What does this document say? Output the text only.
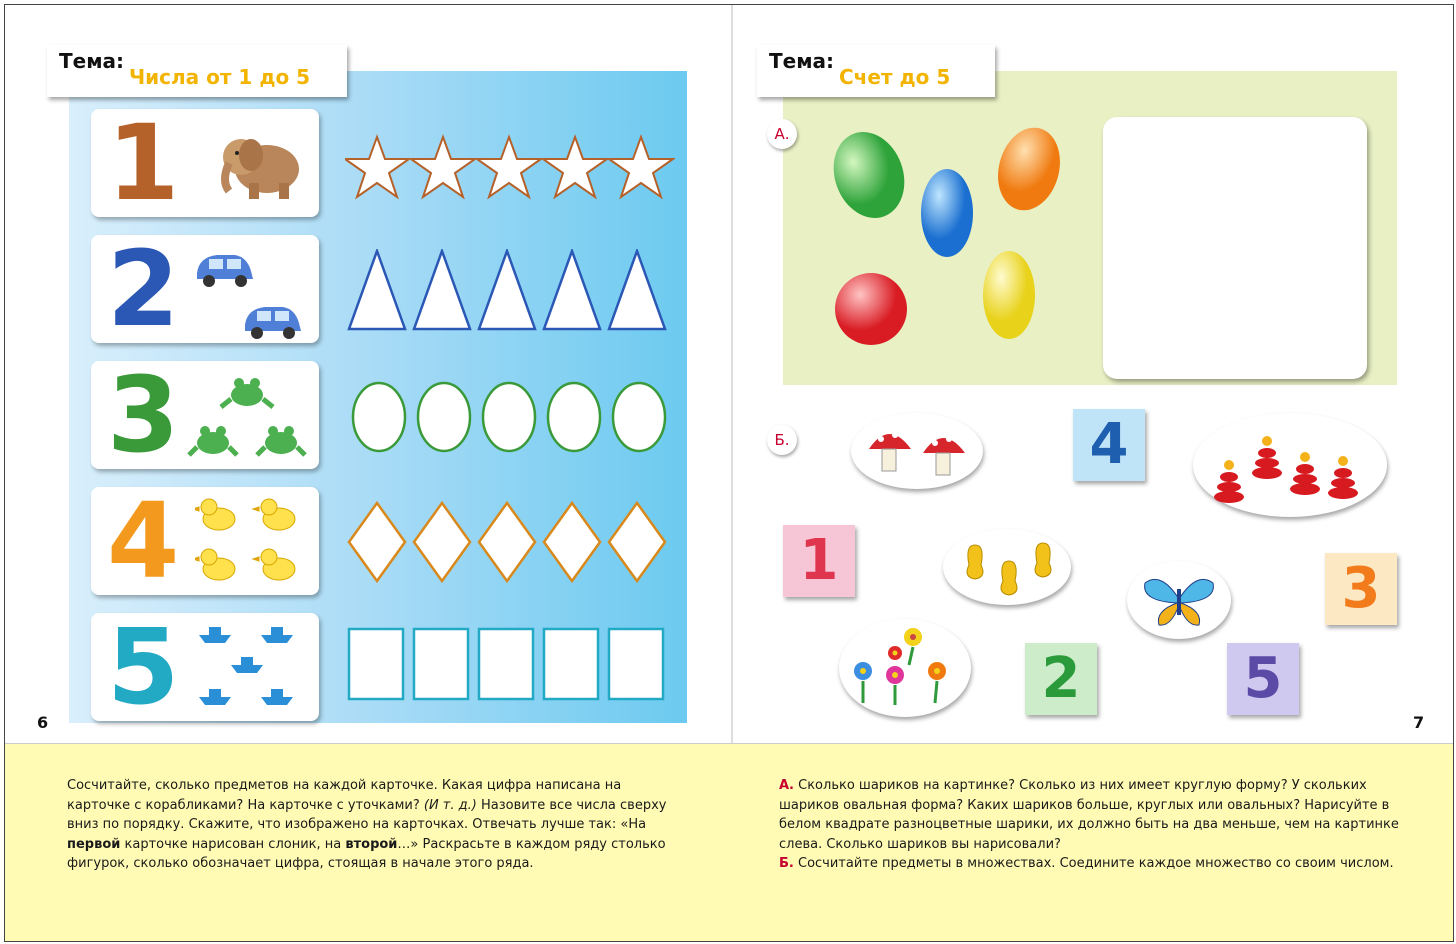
Тема:
Числа от 1 до 5
1
2
3
4
5
6
Тема:
Счет до 5
А.
Б.	4
1	3
2	5
7

Сосчитайте, сколько предметов на каждой карточке. Какая цифра написана на карточке с корабликами? На карточке с уточками? (И т. д.) Назовите все числа сверху вниз по порядку. Скажите, что изображено на карточках. Отвечать лучше так: «На первой карточке нарисован слоник, на второй…» Раскрасьте в каждом ряду столько фигурок, сколько обозначает цифра, стоящая в начале этого ряда.

А. Сколько шариков на картинке? Сколько из них имеет круглую форму? У скольких шариков овальная форма? Каких шариков больше, круглых или овальных? Нарисуйте в белом квадрате разноцветные шарики, их должно быть на два меньше, чем на картинке слева. Сколько шариков вы нарисовали?

Б. Сосчитайте предметы в множествах. Соедините каждое множество со своим числом.
